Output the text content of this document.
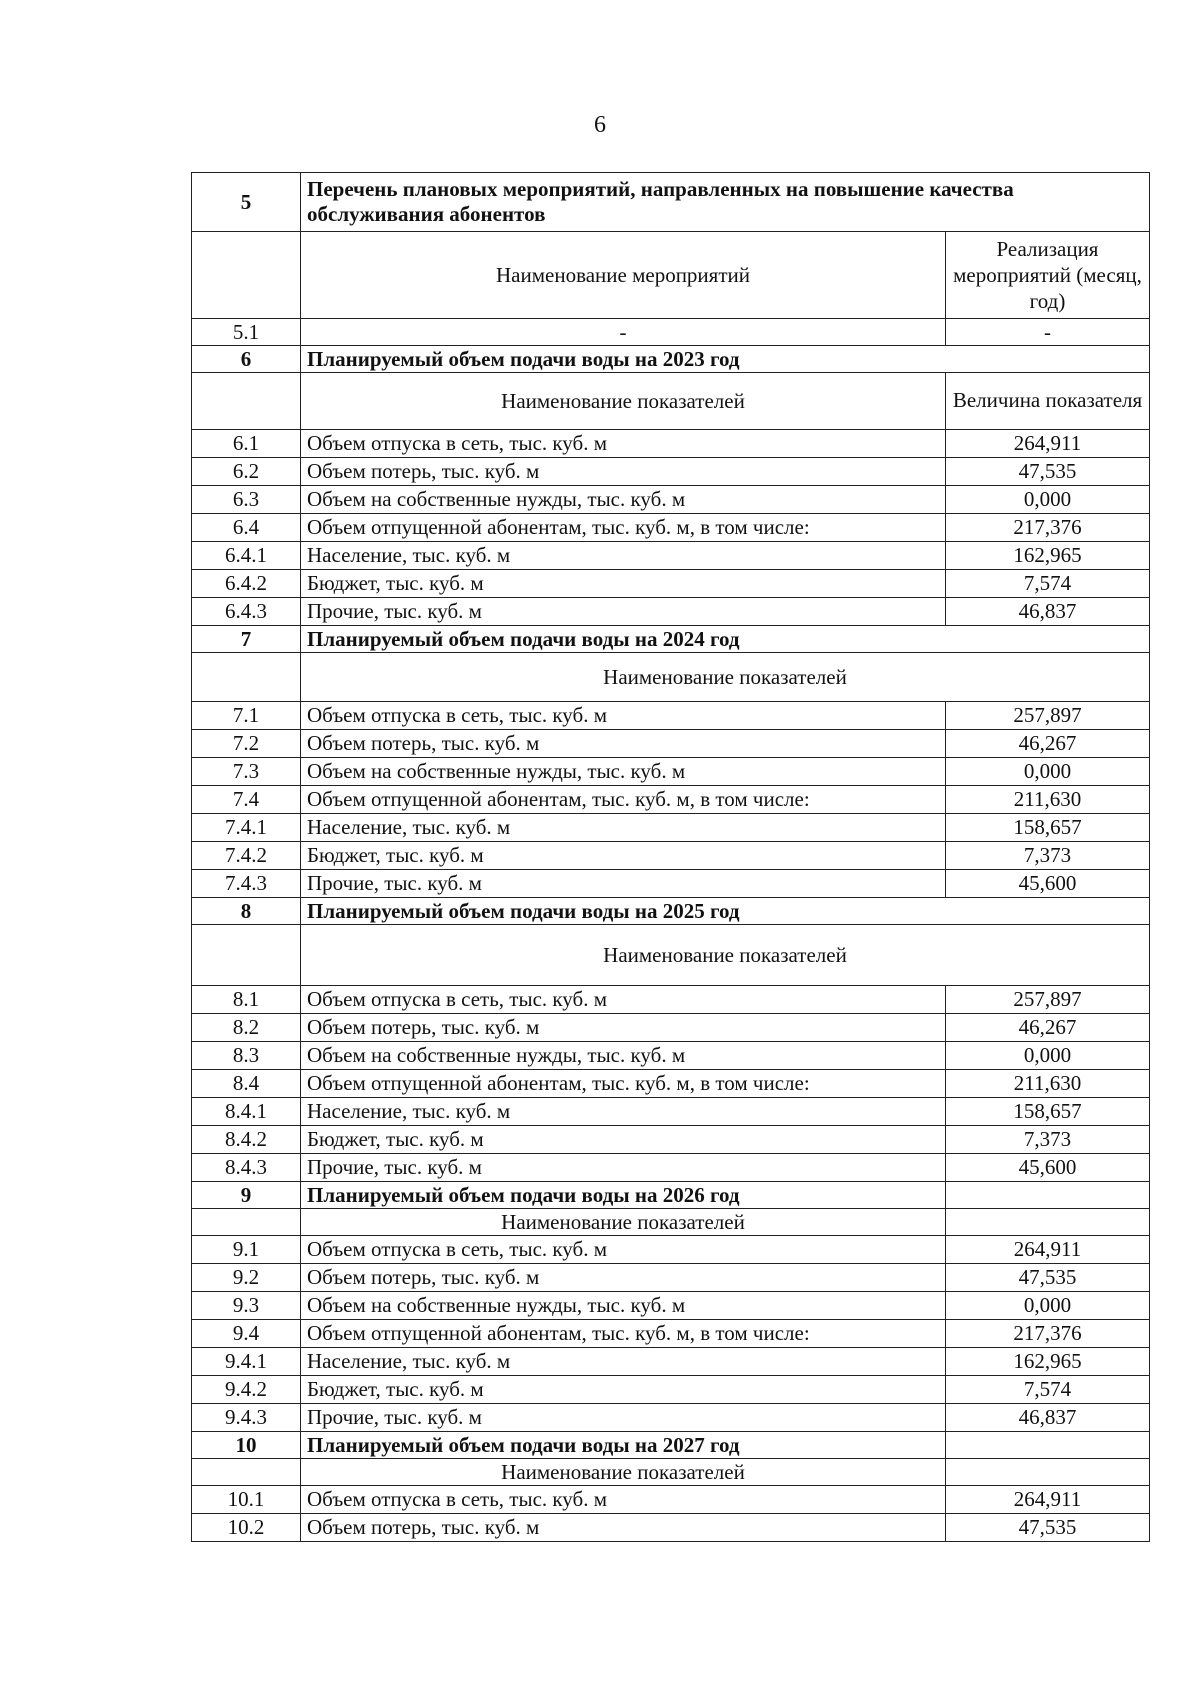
6
5	Перечень плановых мероприятий, направленных на повышение качества обслуживания абонентов	
	Наименование мероприятий	Реализация мероприятий (месяц, год)
5.1	-	-
6	Планируемый объем подачи воды на 2023 год	
	Наименование показателей	Величина показателя
6.1	Объем отпуска в сеть, тыс. куб. м	264,911
6.2	Объем потерь, тыс. куб. м	47,535
6.3	Объем на собственные нужды, тыс. куб. м	0,000
6.4	Объем отпущенной абонентам, тыс. куб. м, в том числе:	217,376
6.4.1	Население, тыс. куб. м	162,965
6.4.2	Бюджет, тыс. куб. м	7,574
6.4.3	Прочие, тыс. куб. м	46,837
7	Планируемый объем подачи воды на 2024 год	
	Наименование показателей	
7.1	Объем отпуска в сеть, тыс. куб. м	257,897
7.2	Объем потерь, тыс. куб. м	46,267
7.3	Объем на собственные нужды, тыс. куб. м	0,000
7.4	Объем отпущенной абонентам, тыс. куб. м, в том числе:	211,630
7.4.1	Население, тыс. куб. м	158,657
7.4.2	Бюджет, тыс. куб. м	7,373
7.4.3	Прочие, тыс. куб. м	45,600
8	Планируемый объем подачи воды на 2025 год	
	Наименование показателей	
8.1	Объем отпуска в сеть, тыс. куб. м	257,897
8.2	Объем потерь, тыс. куб. м	46,267
8.3	Объем на собственные нужды, тыс. куб. м	0,000
8.4	Объем отпущенной абонентам, тыс. куб. м, в том числе:	211,630
8.4.1	Население, тыс. куб. м	158,657
8.4.2	Бюджет, тыс. куб. м	7,373
8.4.3	Прочие, тыс. куб. м	45,600
9	Планируемый объем подачи воды на 2026 год	
	Наименование показателей	
9.1	Объем отпуска в сеть, тыс. куб. м	264,911
9.2	Объем потерь, тыс. куб. м	47,535
9.3	Объем на собственные нужды, тыс. куб. м	0,000
9.4	Объем отпущенной абонентам, тыс. куб. м, в том числе:	217,376
9.4.1	Население, тыс. куб. м	162,965
9.4.2	Бюджет, тыс. куб. м	7,574
9.4.3	Прочие, тыс. куб. м	46,837
10	Планируемый объем подачи воды на 2027 год	
	Наименование показателей	
10.1	Объем отпуска в сеть, тыс. куб. м	264,911
10.2	Объем потерь, тыс. куб. м	47,535
